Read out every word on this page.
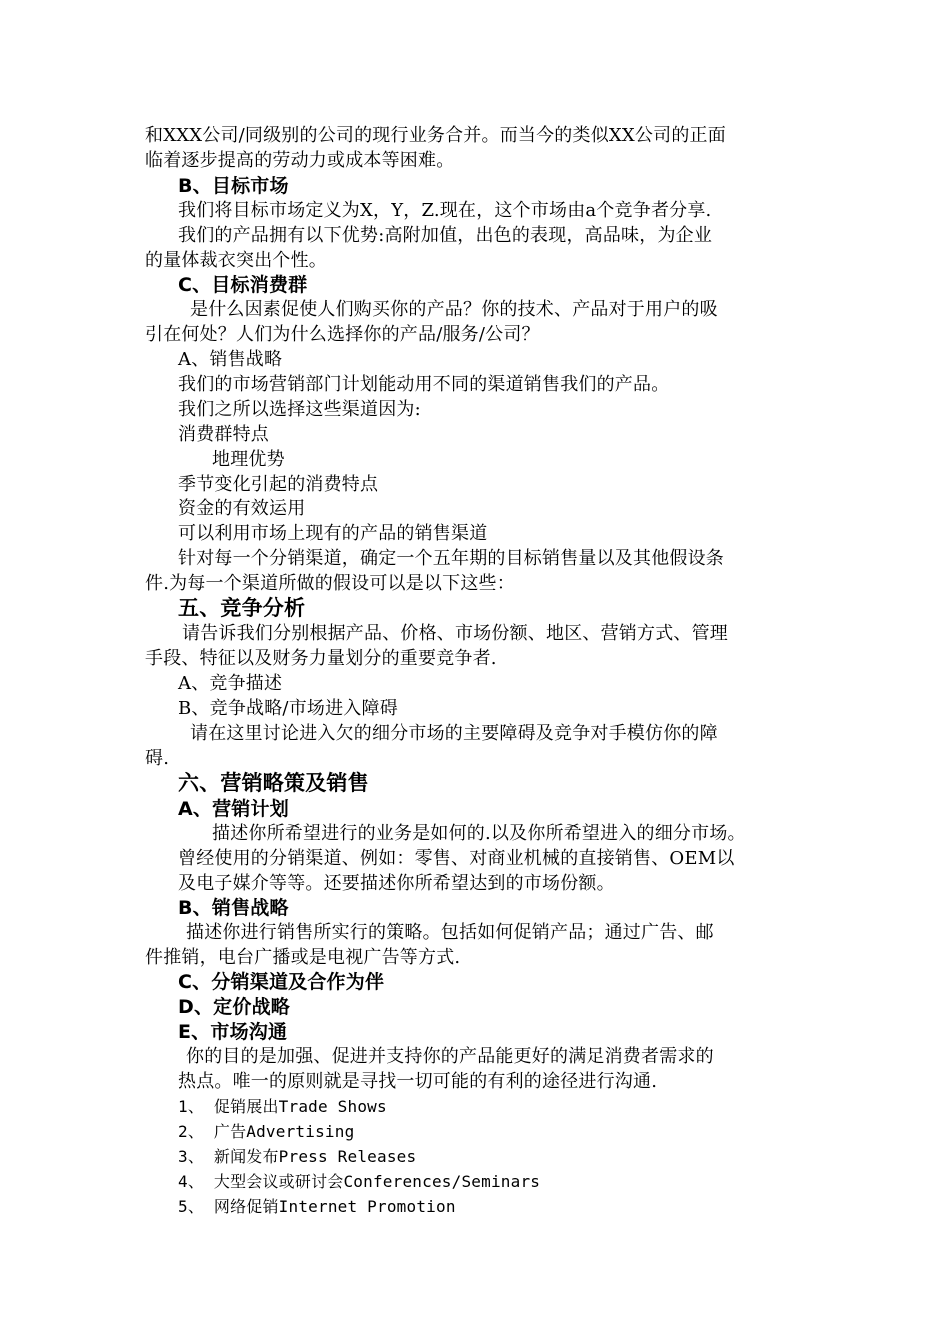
和XXX公司/同级别的公司的现行业务合并。而当今的类似XX公司的正面
临着逐步提高的劳动力或成本等困难。
B、目标市场
我们将目标市场定义为X，Y，Z.现在，这个市场由a个竞争者分享.
我们的产品拥有以下优势:高附加值，出色的表现，高品味，为企业
的量体裁衣突出个性。
C、目标消费群
是什么因素促使人们购买你的产品？你的技术、产品对于用户的吸
引在何处？人们为什么选择你的产品/服务/公司？
A、销售战略
我们的市场营销部门计划能动用不同的渠道销售我们的产品。
我们之所以选择这些渠道因为:
消费群特点
地理优势
季节变化引起的消费特点
资金的有效运用
可以利用市场上现有的产品的销售渠道
针对每一个分销渠道，确定一个五年期的目标销售量以及其他假设条
件.为每一个渠道所做的假设可以是以下这些：
五、竞争分析
请告诉我们分别根据产品、价格、市场份额、地区、营销方式、管理
手段、特征以及财务力量划分的重要竞争者.
A、竞争描述
B、竞争战略/市场进入障碍
请在这里讨论进入欠的细分市场的主要障碍及竞争对手模仿你的障
碍.
六、营销略策及销售
A、营销计划
描述你所希望进行的业务是如何的.以及你所希望进入的细分市场。
曾经使用的分销渠道、例如：零售、对商业机械的直接销售、OEM以
及电子媒介等等。还要描述你所希望达到的市场份额。
B、销售战略
描述你进行销售所实行的策略。包括如何促销产品；通过广告、邮
件推销，电台广播或是电视广告等方式.
C、分销渠道及合作为伴
D、定价战略
E、市场沟通
你的目的是加强、促进并支持你的产品能更好的满足消费者需求的
热点。唯一的原则就是寻找一切可能的有利的途径进行沟通.
1、 促销展出Trade Shows
2、 广告Advertising
3、 新闻发布Press Releases
4、 大型会议或研讨会Conferences/Seminars
5、 网络促销Internet Promotion
